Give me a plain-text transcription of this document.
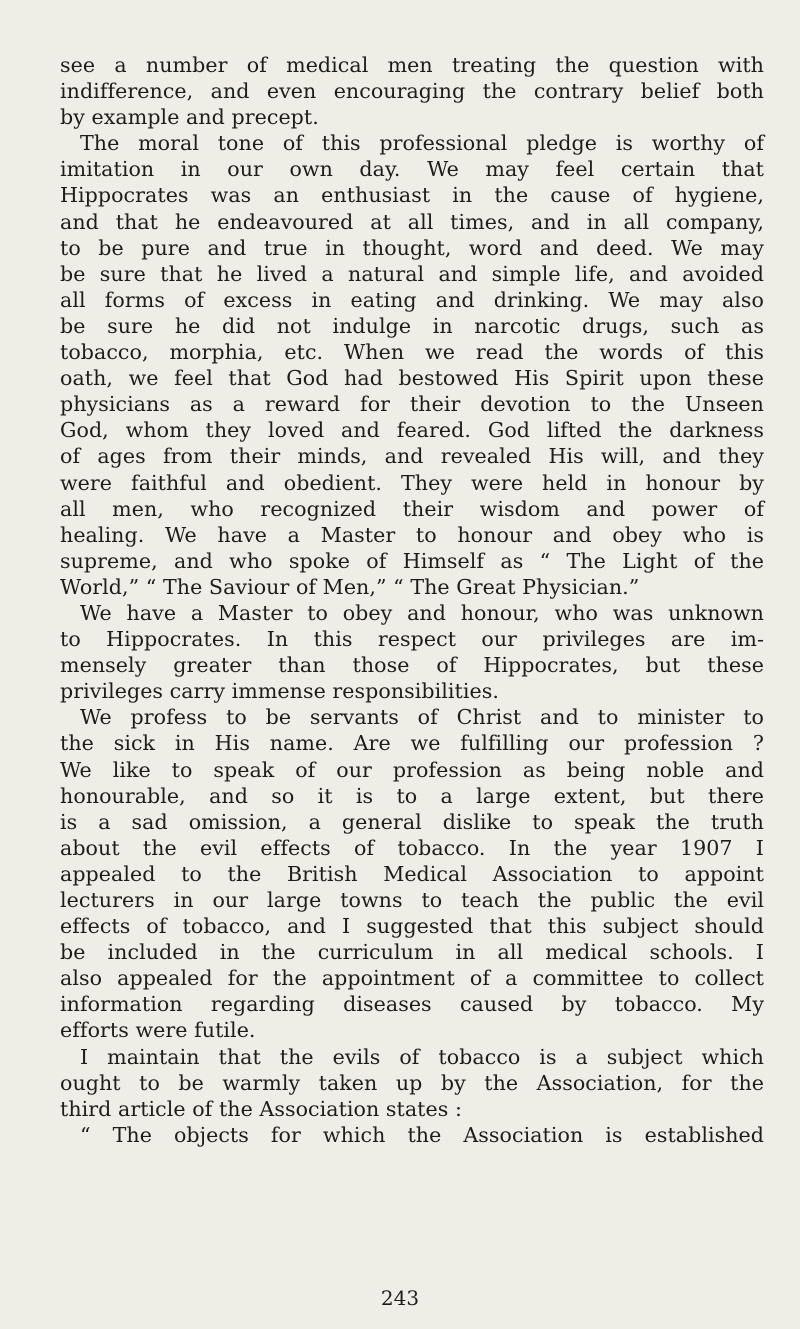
see a number of medical men treating the question with
indifference, and even encouraging the contrary belief both
by example and precept.
The moral tone of this professional pledge is worthy of
imitation in our own day. We may feel certain that
Hippocrates was an enthusiast in the cause of hygiene,
and that he endeavoured at all times, and in all company,
to be pure and true in thought, word and deed. We may
be sure that he lived a natural and simple life, and avoided
all forms of excess in eating and drinking. We may also
be sure he did not indulge in narcotic drugs, such as
tobacco, morphia, etc. When we read the words of this
oath, we feel that God had bestowed His Spirit upon these
physicians as a reward for their devotion to the Unseen
God, whom they loved and feared. God lifted the darkness
of ages from their minds, and revealed His will, and they
were faithful and obedient. They were held in honour by
all men, who recognized their wisdom and power of
healing. We have a Master to honour and obey who is
supreme, and who spoke of Himself as “ The Light of the
World,” “ The Saviour of Men,” “ The Great Physician.”
We have a Master to obey and honour, who was unknown
to Hippocrates. In this respect our privileges are im-
mensely greater than those of Hippocrates, but these
privileges carry immense responsibilities.
We profess to be servants of Christ and to minister to
the sick in His name. Are we fulfilling our profession ?
We like to speak of our profession as being noble and
honourable, and so it is to a large extent, but there
is a sad omission, a general dislike to speak the truth
about the evil effects of tobacco. In the year 1907 I
appealed to the British Medical Association to appoint
lecturers in our large towns to teach the public the evil
effects of tobacco, and I suggested that this subject should
be included in the curriculum in all medical schools. I
also appealed for the appointment of a committee to collect
information regarding diseases caused by tobacco. My
efforts were futile.
I maintain that the evils of tobacco is a subject which
ought to be warmly taken up by the Association, for the
third article of the Association states :
“ The objects for which the Association is established
243
